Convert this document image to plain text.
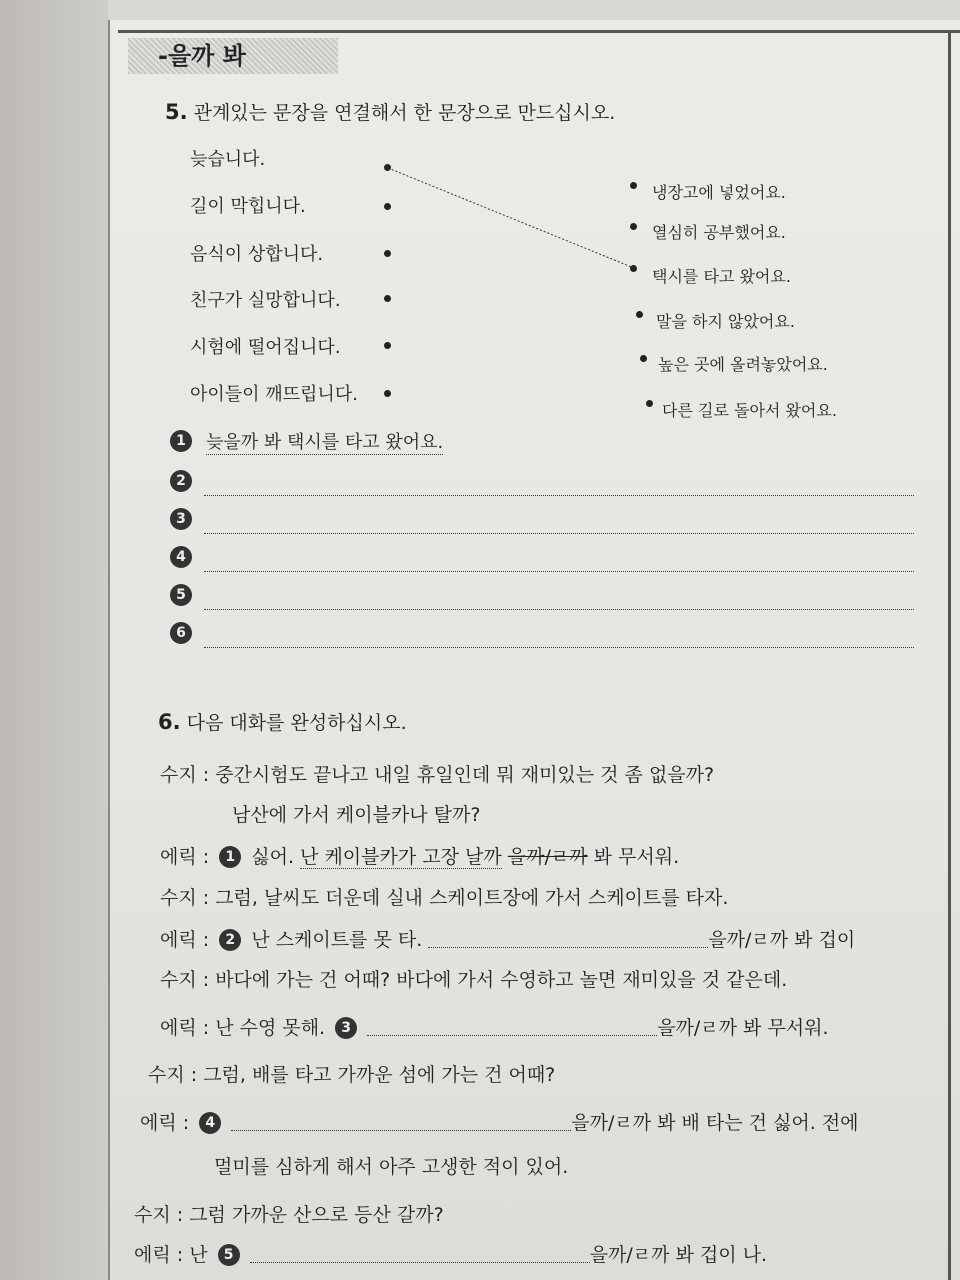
-을까 봐
5. 관계있는 문장을 연결해서 한 문장으로 만드십시오.
늦습니다.
길이 막힙니다.
음식이 상합니다.
친구가 실망합니다.
시험에 떨어집니다.
아이들이 깨뜨립니다.
냉장고에 넣었어요.
열심히 공부했어요.
택시를 타고 왔어요.
말을 하지 않았어요.
높은 곳에 올려놓았어요.
다른 길로 돌아서 왔어요.
1	늦을까 봐 택시를 타고 왔어요.
2
3
4
5
6
6. 다음 대화를 완성하십시오.
수지 : 중간시험도 끝나고 내일 휴일인데 뭐 재미있는 것 좀 없을까?
남산에 가서 케이블카나 탈까?
에릭 : 1 싫어. 난 케이블카가 고장 날까 을까/ㄹ까 봐 무서워.
수지 : 그럼, 날씨도 더운데 실내 스케이트장에 가서 스케이트를 타자.
에릭 : 2 난 스케이트를 못 타.	을까/ㄹ까 봐 겁이
수지 : 바다에 가는 건 어때? 바다에 가서 수영하고 놀면 재미있을 것 같은데.
에릭 : 난 수영 못해. 3	을까/ㄹ까 봐 무서워.
수지 : 그럼, 배를 타고 가까운 섬에 가는 건 어때?
에릭 : 4	을까/ㄹ까 봐 배 타는 건 싫어. 전에
멀미를 심하게 해서 아주 고생한 적이 있어.
수지 : 그럼 가까운 산으로 등산 갈까?
에릭 : 난 5	을까/ㄹ까 봐 겁이 나.
